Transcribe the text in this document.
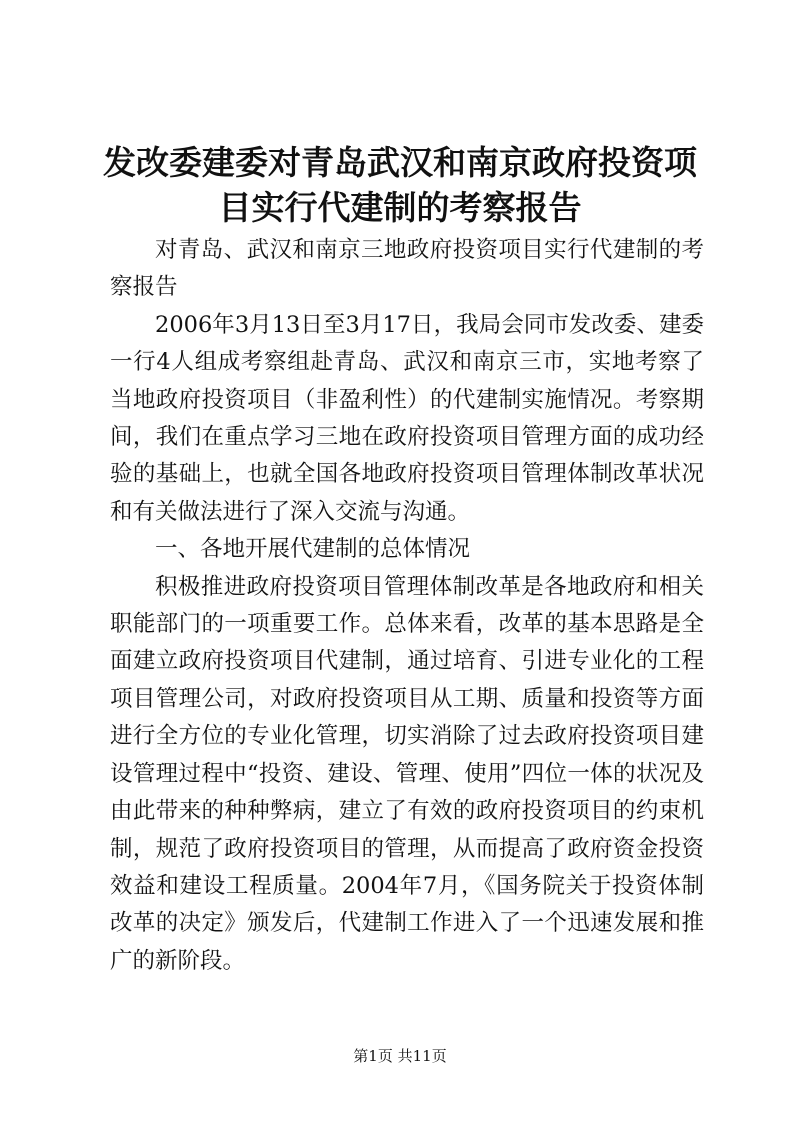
发改委建委对青岛武汉和南京政府投资项目实行代建制的考察报告

对青岛、武汉和南京三地政府投资项目实行代建制的考察报告

2006年3月13日至3月17日，我局会同市发改委、建委一行4人组成考察组赴青岛、武汉和南京三市，实地考察了当地政府投资项目（非盈利性）的代建制实施情况。考察期间，我们在重点学习三地在政府投资项目管理方面的成功经验的基础上，也就全国各地政府投资项目管理体制改革状况和有关做法进行了深入交流与沟通。

一、各地开展代建制的总体情况

积极推进政府投资项目管理体制改革是各地政府和相关职能部门的一项重要工作。总体来看，改革的基本思路是全面建立政府投资项目代建制，通过培育、引进专业化的工程项目管理公司，对政府投资项目从工期、质量和投资等方面进行全方位的专业化管理，切实消除了过去政府投资项目建设管理过程中“投资、建设、管理、使用”四位一体的状况及由此带来的种种弊病，建立了有效的政府投资项目的约束机制，规范了政府投资项目的管理，从而提高了政府资金投资效益和建设工程质量。2004年7月，《国务院关于投资体制改革的决定》颁发后，代建制工作进入了一个迅速发展和推广的新阶段。

第1页 共11页
